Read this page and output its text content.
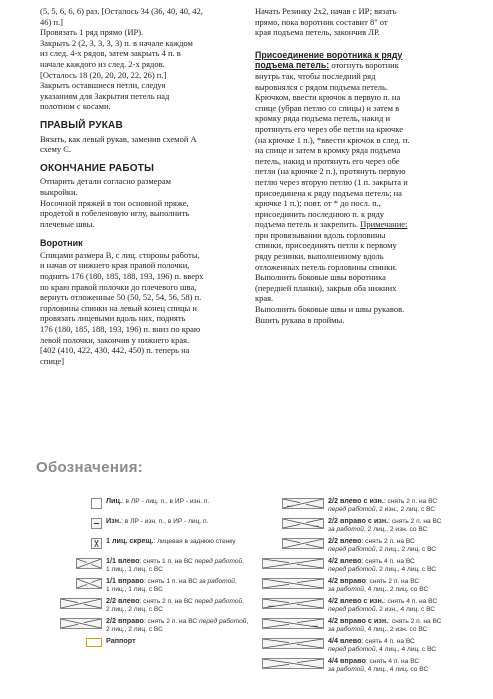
(5, 5, 6, 6, 6) раз. [Осталось 34 (36, 40, 40, 42,
46) п.]
Провязать 1 ряд прямо (ИР).
Закрыть 2 (2, 3, 3, 3, 3) п. в начале каждом
из след. 4-х рядов, затем закрыть 4 п. в
начале каждого из след. 2-х рядов.
[Осталось 18 (20, 20, 20, 22, 26) п.]
Закрыть оставшиеся петли, следуя
указаниям для Закрытия петель над
полотном с косами.
ПРАВЫЙ РУКАВ
Вязать, как левый рукав, заменив схемой А
схему С.
ОКОНЧАНИЕ РАБОТЫ
Отпарить детали согласно размерам
выкройки.
Носочной пряжей в тон основной пряже,
продетой в гобеленовую иглу, выполнить
плечевые швы.
Воротник
Спицами размера В, с лиц. стороны работы,
и начав от нижнего края правой полочки,
поднять 176 (180, 185, 188, 193, 196) п. вверх
по краю правой полочки до плечевого шва,
вернуть отложенные 50 (50, 52, 54, 56, 58) п.
горловины спинки на левый конец спицы и
провязать лицевыми вдоль них, поднять
176 (180, 185, 188, 193, 196) п. вниз по краю
левой полочки, закончив у нижнего края.
[402 (410, 422, 430, 442, 450) п. теперь на
спице]
Начать Резинку 2х2, начав с ИР; вязать
прямо, пока воротник составит 8" от
края подъема петель, закончив ЛР.
Присоединение воротника к ряду
подъема петель: отогнуть воротник
внутрь так, чтобы последний ряд
выровнялся с рядом подъема петель.
Крючком, ввести крючок в первую п. на
спице (убрав петлю со спицы) и затем в
кромку ряда подъема петель, накид и
протянуть его через обе петли на крючке
(на крючке 1 п.), *ввести крючок в след. п.
на спице и затем в кромку ряда подъема
петель, накид и протянуть его через обе
петли (на крючке 2 п.), протянуть первую
петлю через вторую петлю (1 п. закрыта и
присоединена к ряду подъема петель; на
крючке 1 п.); повт. от * до посл. п.,
присоединить последнюю п. к ряду
подъема петель и закрепить. Примечание:
при провязывании вдоль горловины
спинки, присоединять петли к первому
ряду резинки, выполненному вдоль
отложенных петель горловины спинки.
Выполнить боковые швы воротника
(передней планки), закрыв оба нижних
края.
Выполнить боковые швы и швы рукавов.
Вшить рукава в проймы.
Обозначения:
Лиц.: в ЛР - лиц. п., в ИР - изн. п.
Изн.: в ЛР - изн. п., в ИР - лиц. п.
1 лиц. скрещ.: лицевая в заднюю стенку
1/1 влево: снять 1 п. на ВС перед работой,
1 лиц., 1 лиц. с ВС
1/1 вправо: снять 1 п. на ВС за работой,
1 лиц., 1 лиц. с ВС
2/2 влево: снять 2 п. на ВС перед работой,
2 лиц., 2 лиц. с ВС
2/2 вправо: снять 2 п. на ВС перед работой,
2 лиц., 2 лиц. с ВС
Раппорт
2/2 влево с изн.: снять 2 п. на ВС
перед работой, 2 изн., 2 лиц. с ВС
2/2 вправо с изн.: снять 2 п. на ВС
за работой, 2 лиц., 2 изн. со ВС
2/2 влево: снять 2 п. на ВС
перед работой, 2 лиц., 2 лиц. с ВС
4/2 влево: снять 4 п. на ВС
перед работой, 2 лиц., 4 лиц. с ВС
4/2 вправо: снять 2 п. на ВС
за работой, 4 лиц., 2 лиц. со ВС
4/2 влево с изн.: снять 4 п. на ВС
перед работой, 2 изн., 4 лиц. с ВС
4/2 вправо с изн.: снять 2 п. на ВС
за работой, 4 лиц., 2 изн. со ВС
4/4 влево: снять 4 п. на ВС
перед работой, 4 лиц., 4 лиц. с ВС
4/4 вправо: снять 4 п. на ВС
за работой, 4 лиц., 4 лиц. со ВС
